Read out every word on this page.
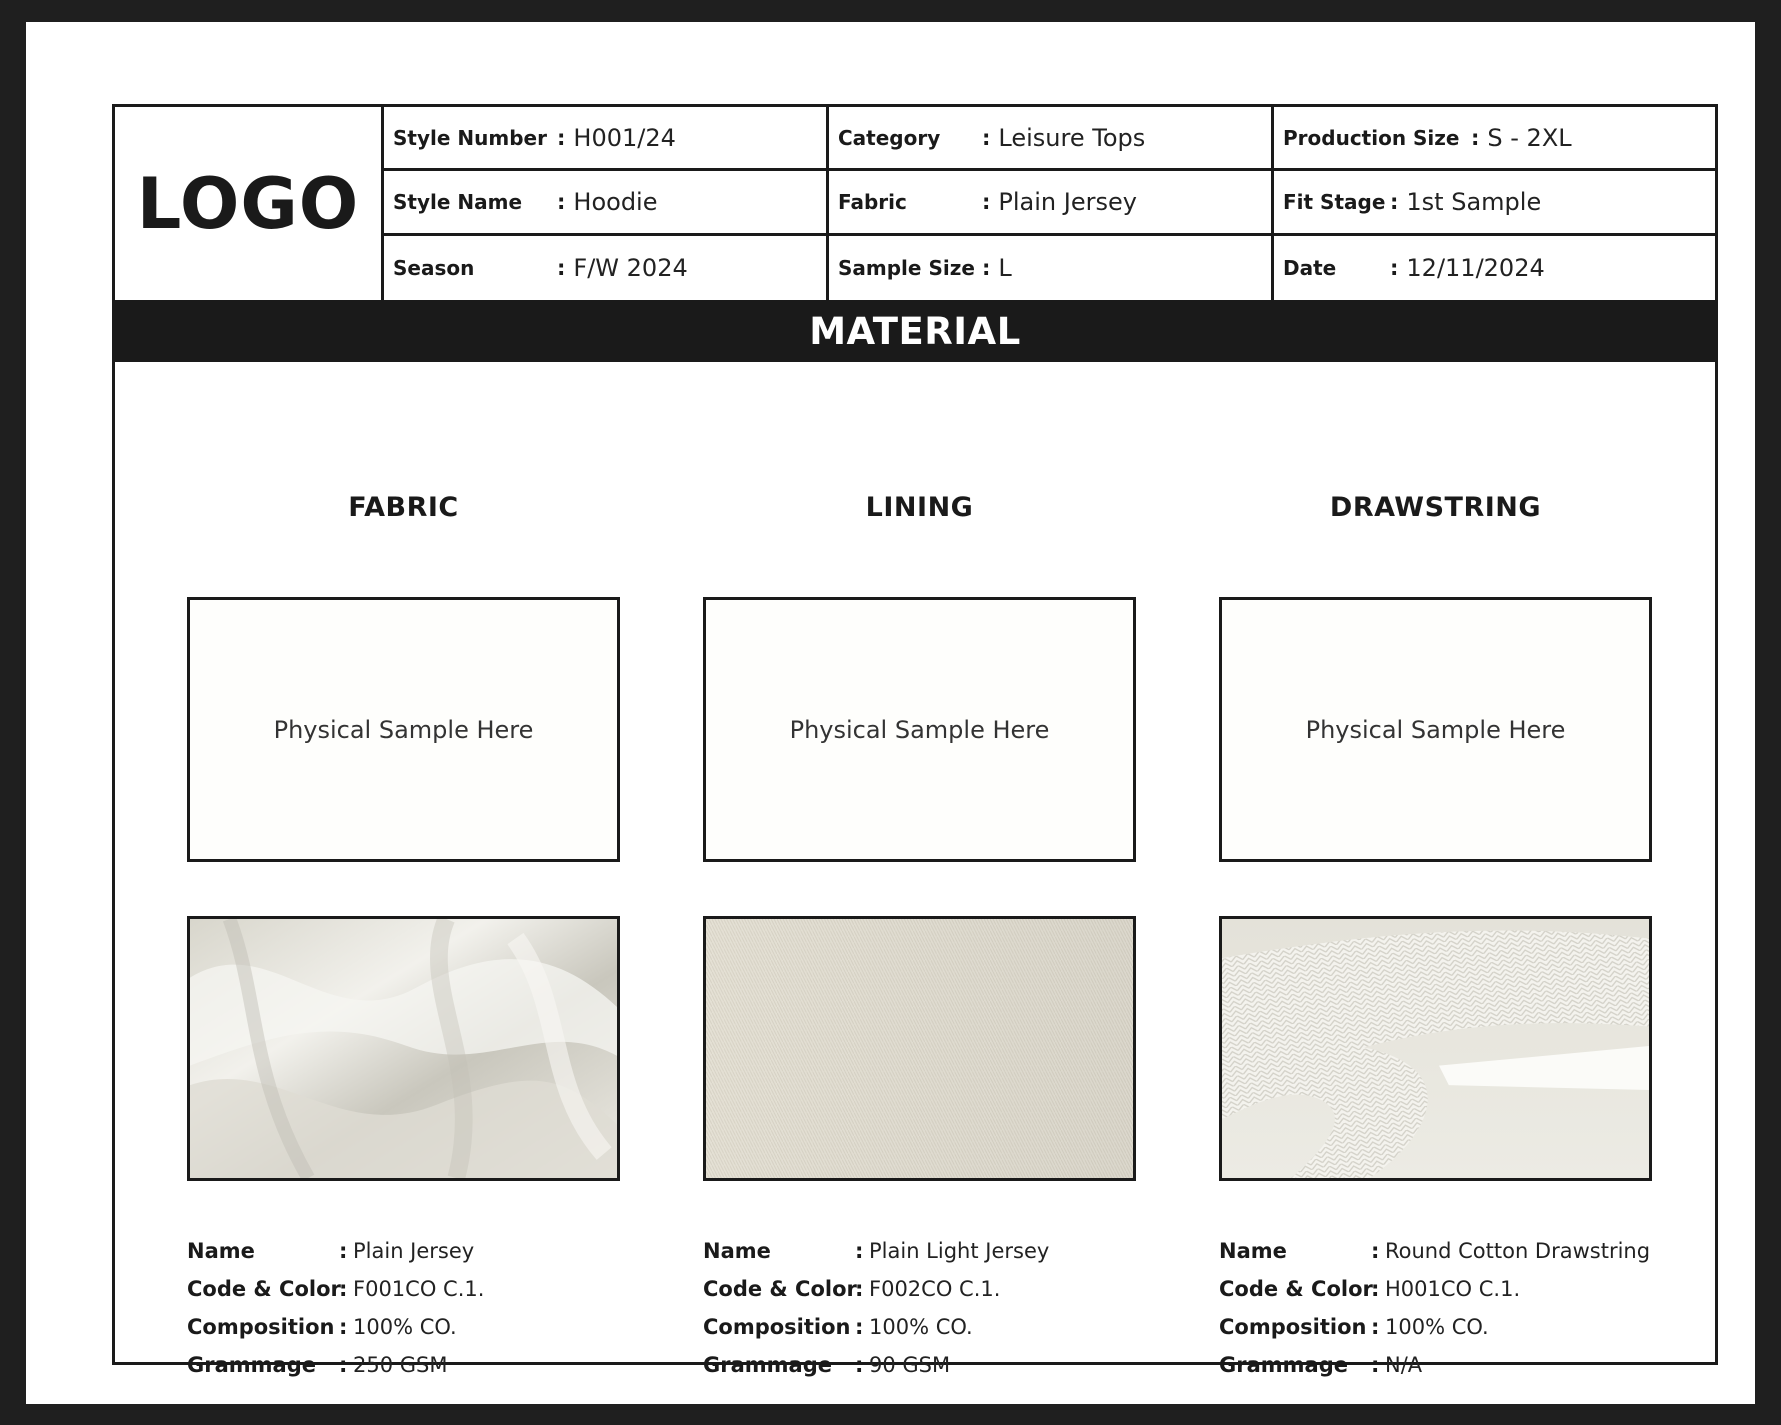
LOGO
Style Number : H001/24	Category	: Leisure Tops	Production Size : S - 2XL
Style Name	: Hoodie	Fabric	: Plain Jersey	Fit Stage : 1st Sample
Season	: F/W 2024	Sample Size : L	Date	: 12/11/2024
MATERIAL
FABRIC
Physical Sample Here
Name	: Plain Jersey
Code & Color
: F001CO C.1.
Composition : 100% CO.
Grammage	: 250 GSM
LINING
Physical Sample Here
Name	: Plain Light Jersey
Code & Color
: F002CO C.1.
Composition : 100% CO.
Grammage	: 90 GSM
DRAWSTRING
Physical Sample Here
Name	: Round Cotton Drawstring
Code & Color
: H001CO C.1.
Composition : 100% CO.
Grammage	: N/A
